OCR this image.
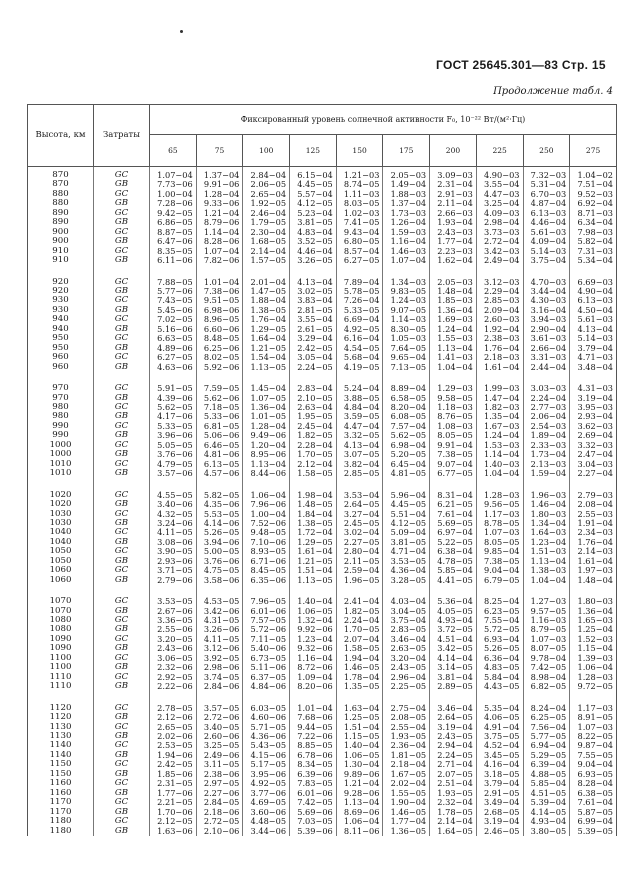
ГОСТ 25645.301—83 Стр. 15
Продолжение табл. 4
Высота, км	Затраты	Фиксированный уровень солнечной активности F₀, 10⁻²² Вт/(м²·Гц)									
		65	75	100	125	150	175	200	225	250	275
870	GC	1.07−04	1.37−04	2.84−04	6.15−04	1.21−03	2.05−03	3.09−03	4.90−03	7.32−03	1.04−02
870	GB	7.73−06	9.91−06	2.06−05	4.45−05	8.74−05	1.49−04	2.31−04	3.55−04	5.31−04	7.51−04
880	GC	1.00−04	1.28−04	2.65−04	5.57−04	1.11−03	1.88−03	2.91−03	4.47−03	6.70−03	9.52−03
880	GB	7.28−06	9.33−06	1.92−05	4.12−05	8.03−05	1.37−04	2.11−04	3.25−04	4.87−04	6.92−04
890	GC	9.42−05	1.21−04	2.46−04	5.23−04	1.02−03	1.73−03	2.66−03	4.09−03	6.13−03	8.71−03
890	GB	6.86−05	8.79−06	1.79−05	3.81−05	7.41−05	1.26−04	1.93−04	2.98−04	4.46−04	6.34−04
900	GC	8.87−05	1.14−04	2.30−04	4.83−04	9.43−04	1.59−03	2.43−03	3.73−03	5.61−03	7.98−03
900	GB	6.47−06	8.28−06	1.68−05	3.52−05	6.80−05	1.16−04	1.77−04	2.72−04	4.09−04	5.82−04
910	GC	8.35−05	1.07−04	2.14−04	4.46−04	8.57−04	1.46−03	2.23−03	3.42−03	5.14−03	7.31−03
910	GB	6.11−06	7.82−06	1.57−05	3.26−05	6.27−05	1.07−04	1.62−04	2.49−04	3.75−04	5.34−04

920	GC	7.88−05	1.01−04	2.01−04	4.13−04	7.89−04	1.34−03	2.05−03	3.12−03	4.70−03	6.69−03
920	GB	5.77−06	7.38−06	1.47−05	3.02−05	5.78−05	9.83−05	1.48−04	2.29−04	3.44−04	4.90−04
930	GC	7.43−05	9.51−05	1.88−04	3.83−04	7.26−04	1.24−03	1.85−03	2.85−03	4.30−03	6.13−03
930	GB	5.45−06	6.98−06	1.38−05	2.81−05	5.33−05	9.07−05	1.36−04	2.09−04	3.16−04	4.50−04
940	GC	7.02−05	8.96−05	1.76−04	3.55−04	6.69−04	1.14−03	1.69−03	2.60−03	3.94−03	5.61−03
940	GB	5.16−06	6.60−06	1.29−05	2.61−05	4.92−05	8.30−05	1.24−04	1.92−04	2.90−04	4.13−04
950	GC	6.63−05	8.48−05	1.64−04	3.29−04	6.16−04	1.05−03	1.55−03	2.38−03	3.61−03	5.14−03
950	GB	4.89−06	6.25−06	1.21−05	2.42−05	4.54−05	7.64−05	1.13−04	1.76−04	2.66−04	3.79−04
960	GC	6.27−05	8.02−05	1.54−04	3.05−04	5.68−04	9.65−04	1.41−03	2.18−03	3.31−03	4.71−03
960	GB	4.63−06	5.92−06	1.13−05	2.24−05	4.19−05	7.13−05	1.04−04	1.61−04	2.44−04	3.48−04

970	GC	5.91−05	7.59−05	1.45−04	2.83−04	5.24−04	8.89−04	1.29−03	1.99−03	3.03−03	4.31−03
970	GB	4.39−06	5.62−06	1.07−05	2.10−05	3.88−05	6.58−05	9.58−05	1.47−04	2.24−04	3.19−04
980	GC	5.62−05	7.18−05	1.36−04	2.63−04	4.84−04	8.20−04	1.18−03	1.82−03	2.77−03	3.95−03
980	GB	4.17−06	5.33−06	1.01−05	1.95−05	3.59−05	6.08−05	8.76−05	1.35−04	2.06−04	2.93−04
990	GC	5.33−05	6.81−05	1.28−04	2.45−04	4.47−04	7.57−04	1.08−03	1.67−03	2.54−03	3.62−03
990	GB	3.96−06	5.06−06	9.49−06	1.82−05	3.32−05	5.62−05	8.05−05	1.24−04	1.89−04	2.69−04
1000	GC	5.05−05	6.46−05	1.20−04	2.28−04	4.13−04	6.98−04	9.91−04	1.53−03	2.33−03	3.32−03
1000	GB	3.76−06	4.81−06	8.95−06	1.70−05	3.07−05	5.20−05	7.38−05	1.14−04	1.73−04	2.47−04
1010	GC	4.79−05	6.13−05	1.13−04	2.12−04	3.82−04	6.45−04	9.07−04	1.40−03	2.13−03	3.04−03
1010	GB	3.57−06	4.57−06	8.44−06	1.58−05	2.85−05	4.81−05	6.77−05	1.04−04	1.59−04	2.27−04

1020	GC	4.55−05	5.82−05	1.06−04	1.98−04	3.53−04	5.96−04	8.31−04	1.28−03	1.96−03	2.79−03
1020	GB	3.40−06	4.35−06	7.96−06	1.48−05	2.64−05	4.45−05	6.21−05	9.56−05	1.46−04	2.08−04
1030	GC	4.32−05	5.53−05	1.00−04	1.84−04	3.27−04	5.51−04	7.61−04	1.17−03	1.80−03	2.55−03
1030	GB	3.24−06	4.14−06	7.52−06	1.38−05	2.45−05	4.12−05	5.69−05	8.78−05	1.34−04	1.91−04
1040	GC	4.11−05	5.26−05	9.48−05	1.72−04	3.02−04	5.09−04	6.97−04	1.07−03	1.64−03	2.34−03
1040	GB	3.08−06	3.94−06	7.10−06	1.29−05	2.27−05	3.81−05	5.22−05	8.05−05	1.23−04	1.76−04
1050	GC	3.90−05	5.00−05	8.93−05	1.61−04	2.80−04	4.71−04	6.38−04	9.85−04	1.51−03	2.14−03
1050	GB	2.93−06	3.76−06	6.71−06	1.21−05	2.11−05	3.53−05	4.78−05	7.38−05	1.13−04	1.61−04
1060	GC	3.71−05	4.75−05	8.45−05	1.51−04	2.59−04	4.36−04	5.85−04	9.04−04	1.38−03	1.97−03
1060	GB	2.79−06	3.58−06	6.35−06	1.13−05	1.96−05	3.28−05	4.41−05	6.79−05	1.04−04	1.48−04

1070	GC	3.53−05	4.53−05	7.96−05	1.40−04	2.41−04	4.03−04	5.36−04	8.25−04	1.27−03	1.80−03
1070	GB	2.67−06	3.42−06	6.01−06	1.06−05	1.82−05	3.04−05	4.05−05	6.23−05	9.57−05	1.36−04
1080	GC	3.36−05	4.31−05	7.57−05	1.32−04	2.24−04	3.75−04	4.93−04	7.55−04	1.16−03	1.65−03
1080	GB	2.55−06	3.26−06	5.72−06	9.92−06	1.70−05	2.83−05	3.72−05	5.72−05	8.79−05	1.25−04
1090	GC	3.20−05	4.11−05	7.11−05	1.23−04	2.07−04	3.46−04	4.51−04	6.93−04	1.07−03	1.52−03
1090	GB	2.43−06	3.12−06	5.40−06	9.32−06	1.58−05	2.63−05	3.42−05	5.26−05	8.07−05	1.15−04
1100	GC	3.06−05	3.92−05	6.73−05	1.16−04	1.94−04	3.20−04	4.14−04	6.36−04	9.78−04	1.39−03
1100	GB	2.32−06	2.98−06	5.11−06	8.72−06	1.46−05	2.43−05	3.14−05	4.83−05	7.42−05	1.06−04
1110	GC	2.92−05	3.74−05	6.37−05	1.09−04	1.78−04	2.96−04	3.81−04	5.84−04	8.98−04	1.28−03
1110	GB	2.22−06	2.84−06	4.84−06	8.20−06	1.35−05	2.25−05	2.89−05	4.43−05	6.82−05	9.72−05

1120	GC	2.78−05	3.57−05	6.03−05	1.01−04	1.63−04	2.75−04	3.46−04	5.35−04	8.24−04	1.17−03
1120	GB	2.12−06	2.72−06	4.60−06	7.68−06	1.25−05	2.08−05	2.64−05	4.06−05	6.25−05	8.91−05
1130	GC	2.65−05	3.40−05	5.71−05	9.44−05	1.51−04	2.55−04	3.19−04	4.91−04	7.56−04	1.07−03
1130	GB	2.02−06	2.60−06	4.36−06	7.22−06	1.15−05	1.93−05	2.43−05	3.75−05	5.77−05	8.22−05
1140	GC	2.53−05	3.25−05	5.43−05	8.85−05	1.40−04	2.36−04	2.94−04	4.52−04	6.94−04	9.87−04
1140	GB	1.94−06	2.49−06	4.15−06	6.78−06	1.06−05	1.81−05	2.24−05	3.45−05	5.29−05	7.55−05
1150	GC	2.42−05	3.11−05	5.17−05	8.34−05	1.30−04	2.18−04	2.71−04	4.16−04	6.39−04	9.04−04
1150	GB	1.85−06	2.38−06	3.95−06	6.39−06	9.89−06	1.67−05	2.07−05	3.18−05	4.88−05	6.93−05
1160	GC	2.31−05	2.97−05	4.92−05	7.83−05	1.21−04	2.02−04	2.51−04	3.79−04	5.85−04	8.28−04
1160	GB	1.77−06	2.27−06	3.77−06	6.01−06	9.28−06	1.55−05	1.93−05	2.91−05	4.51−05	6.38−05
1170	GC	2.21−05	2.84−05	4.69−05	7.42−05	1.13−04	1.90−04	2.32−04	3.49−04	5.39−04	7.61−04
1170	GB	1.70−06	2.18−06	3.60−06	5.69−06	8.69−06	1.46−05	1.78−05	2.68−05	4.14−05	5.87−05
1180	GC	2.12−05	2.72−05	4.48−05	7.03−05	1.06−04	1.77−04	2.14−04	3.19−04	4.93−04	6.99−04
1180	GB	1.63−06	2.10−06	3.44−06	5.39−06	8.11−06	1.36−05	1.64−05	2.46−05	3.80−05	5.39−05
